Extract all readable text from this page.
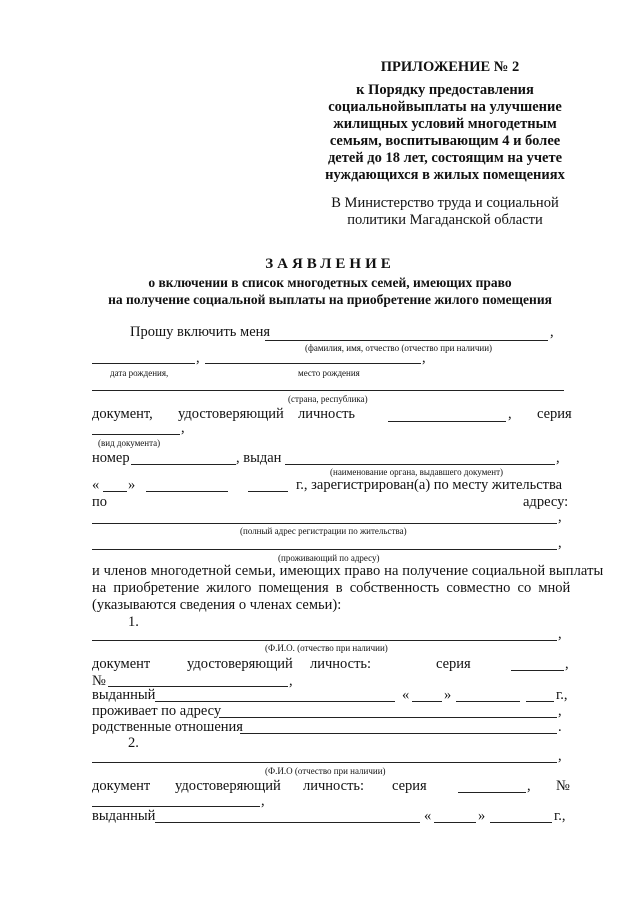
ПРИЛОЖЕНИЕ № 2
к Порядку предоставления
социальнойвыплаты на улучшение
жилищных условий многодетным
семьям, воспитывающим 4 и более
детей до 18 лет, состоящим на учете
нуждающихся в жилых помещениях
В Министерство труда и социальной
политики Магаданской области
ЗАЯВЛЕНИЕ
о включении в список многодетных семей, имеющих право
на получение социальной выплаты на приобретение жилого помещения
Прошу включить меня	,
(фамилия, имя, отчество (отчество при наличии)
,	,
дата рождения,	место рождения
(страна, республика)
документ, удостоверяющий личность	, серия
,
(вид документа)
номер	, выдан	,
(наименование органа, выдавшего документ)
« »	г., зарегистрирован(а) по месту жительства
по	адресу:
,
(полный адрес регистрации по жительства)
,
(проживающий по адресу)
и членов многодетной семьи, имеющих право на получение социальной выплаты
на приобретение жилого помещения в собственность совместно со мной
(указываются сведения о членах семьи):
1.
,
(Ф.И.О. (отчество при наличии)
документ	удостоверяющий личность:	серия	,
№	,
выданный	« »	г.,
проживает по адресу	,
родственные отношения	.
2.
,
(Ф.И.О (отчество при наличии)
документ удостоверяющий личность: серия	, №
,
выданный	«	»	г.,
